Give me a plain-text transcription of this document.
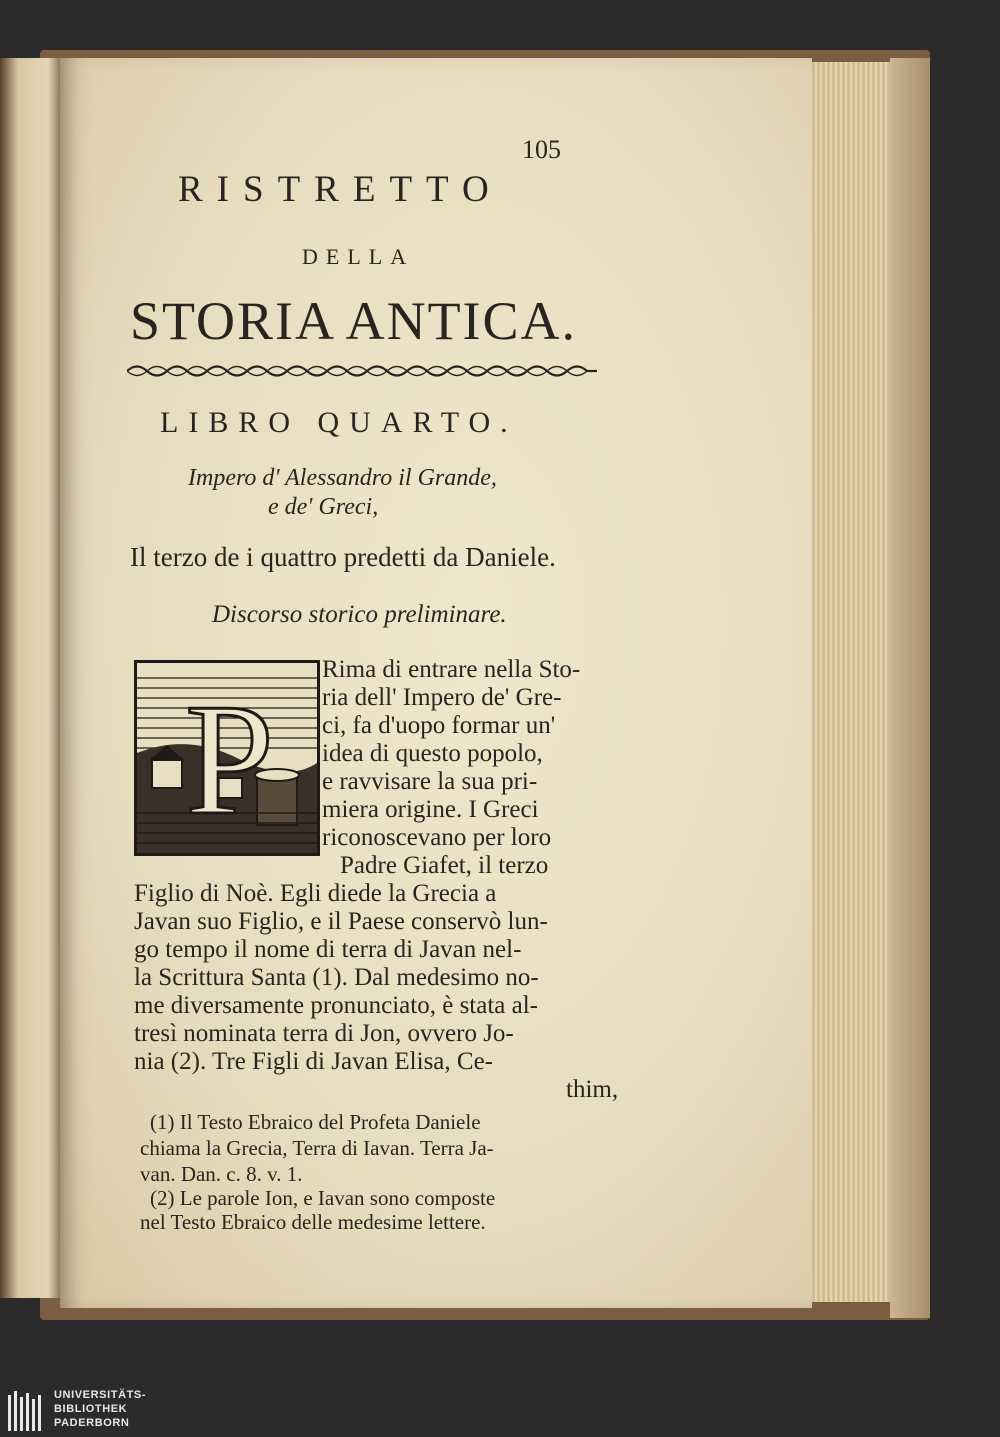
105
RISTRETTO
DELLA
STORIA ANTICA.
LIBRO QUARTO.
Impero d' Alessandro il Grande,
e de' Greci,
Il terzo de i quattro predetti da Daniele.
Discorso storico preliminare.
P
Rima di entrare nella Sto-
ria dell' Impero de' Gre-
ci, fa d'uopo formar un'
idea di questo popolo,
e ravvisare la sua pri-
miera origine. I Greci
riconoscevano per loro
Padre Giafet, il terzo
Figlio di Noè. Egli diede la Grecia a
Javan suo Figlio, e il Paese conservò lun-
go tempo il nome di terra di Javan nel-
la Scrittura Santa (1). Dal medesimo no-
me diversamente pronunciato, è stata al-
tresì nominata terra di Jon, ovvero Jo-
nia (2). Tre Figli di Javan Elisa, Ce-
thim,
(1) Il Testo Ebraico del Profeta Daniele
chiama la Grecia, Terra di Iavan. Terra Ja-
van. Dan. c. 8. v. 1.
(2) Le parole Ion, e Iavan sono composte
nel Testo Ebraico delle medesime lettere.
UNIVERSITÄTS-
BIBLIOTHEK
PADERBORN
